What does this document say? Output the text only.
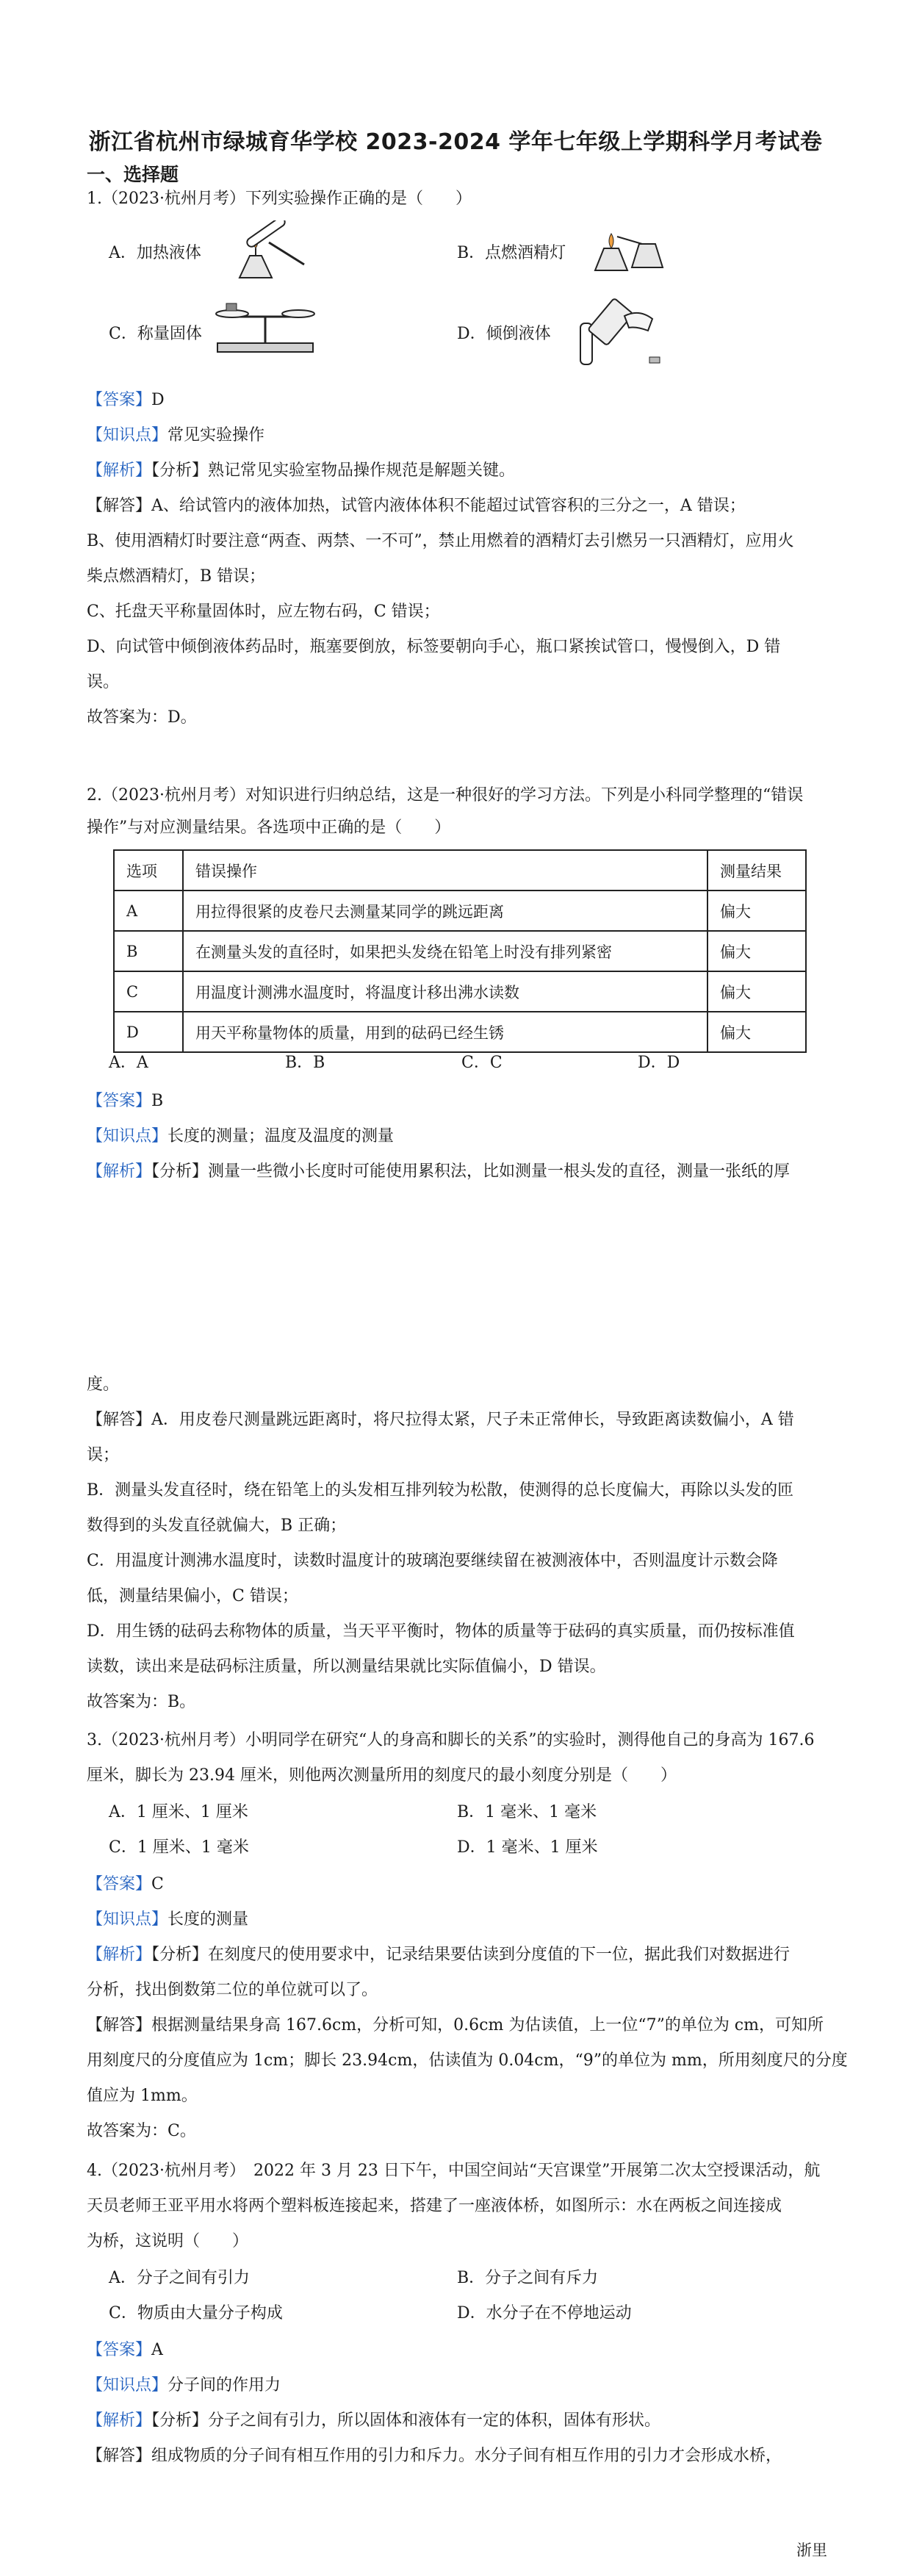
浙江省杭州市绿城育华学校 2023-2024 学年七年级上学期科学月考试卷
一、选择题
1.（2023·杭州月考）下列实验操作正确的是（　　）
A．加热液体	B．点燃酒精灯
C．称量固体	D．倾倒液体
【答案】D
【知识点】常见实验操作
【解析】【分析】熟记常见实验室物品操作规范是解题关键。
【解答】A、给试管内的液体加热，试管内液体体积不能超过试管容积的三分之一，A 错误；
B、使用酒精灯时要注意“两查、两禁、一不可”，禁止用燃着的酒精灯去引燃另一只酒精灯，应用火
柴点燃酒精灯，B 错误；
C、托盘天平称量固体时，应左物右码，C 错误；
D、向试管中倾倒液体药品时，瓶塞要倒放，标签要朝向手心，瓶口紧挨试管口，慢慢倒入，D 错
误。
故答案为：D。
2.（2023·杭州月考）对知识进行归纳总结，这是一种很好的学习方法。下列是小科同学整理的“错误
操作”与对应测量结果。各选项中正确的是（　　）
选项	错误操作	测量结果
A	用拉得很紧的皮卷尺去测量某同学的跳远距离	偏大
B	在测量头发的直径时，如果把头发绕在铅笔上时没有排列紧密	偏大
C	用温度计测沸水温度时，将温度计移出沸水读数	偏大
D	用天平称量物体的质量，用到的砝码已经生锈	偏大
A．A	B．B	C．C	D．D
【答案】B
【知识点】长度的测量；温度及温度的测量
【解析】【分析】测量一些微小长度时可能使用累积法，比如测量一根头发的直径，测量一张纸的厚
度。
【解答】A．用皮卷尺测量跳远距离时，将尺拉得太紧，尺子未正常伸长，导致距离读数偏小，A 错
误；
B．测量头发直径时，绕在铅笔上的头发相互排列较为松散，使测得的总长度偏大，再除以头发的匝
数得到的头发直径就偏大，B 正确；
C．用温度计测沸水温度时，读数时温度计的玻璃泡要继续留在被测液体中，否则温度计示数会降
低，测量结果偏小，C 错误；
D．用生锈的砝码去称物体的质量，当天平平衡时，物体的质量等于砝码的真实质量，而仍按标准值
读数，读出来是砝码标注质量，所以测量结果就比实际值偏小，D 错误。
故答案为：B。
3.（2023·杭州月考）小明同学在研究“人的身高和脚长的关系”的实验时，测得他自己的身高为 167.6
厘米，脚长为 23.94 厘米，则他两次测量所用的刻度尺的最小刻度分别是（　　）
A．1 厘米、1 厘米	B．1 毫米、1 毫米
C．1 厘米、1 毫米	D．1 毫米、1 厘米
【答案】C
【知识点】长度的测量
【解析】【分析】在刻度尺的使用要求中，记录结果要估读到分度值的下一位，据此我们对数据进行
分析，找出倒数第二位的单位就可以了。
【解答】根据测量结果身高 167.6cm，分析可知，0.6cm 为估读值，上一位“7”的单位为 cm，可知所
用刻度尺的分度值应为 1cm；脚长 23.94cm，估读值为 0.04cm，“9”的单位为 mm，所用刻度尺的分度
值应为 1mm。
故答案为：C。
4.（2023·杭州月考）　2022 年 3 月 23 日下午，中国空间站“天宫课堂”开展第二次太空授课活动，航
天员老师王亚平用水将两个塑料板连接起来，搭建了一座液体桥，如图所示：水在两板之间连接成
为桥，这说明（　　）
A．分子之间有引力	B．分子之间有斥力
C．物质由大量分子构成	D．水分子在不停地运动
【答案】A
【知识点】分子间的作用力
【解析】【分析】分子之间有引力，所以固体和液体有一定的体积，固体有形状。
【解答】组成物质的分子间有相互作用的引力和斥力。水分子间有相互作用的引力才会形成水桥，
浙里
